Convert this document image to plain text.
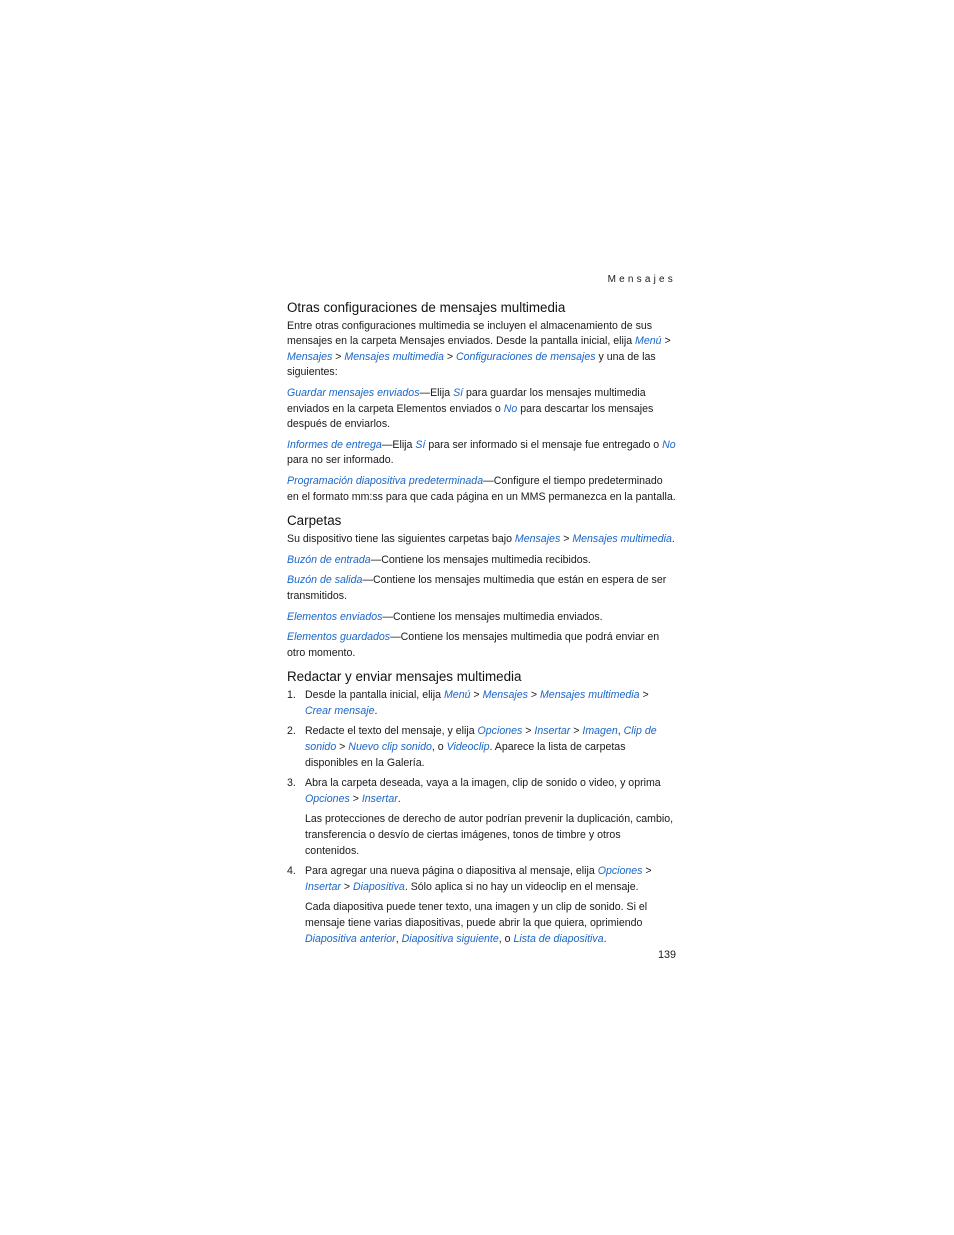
Mensajes
Otras configuraciones de mensajes multimedia

Entre otras configuraciones multimedia se incluyen el almacenamiento de sus mensajes en la carpeta Mensajes enviados. Desde la pantalla inicial, elija Menú > Mensajes > Mensajes multimedia > Configuraciones de mensajes y una de las siguientes:

Guardar mensajes enviados—Elija Sí para guardar los mensajes multimedia enviados en la carpeta Elementos enviados o No para descartar los mensajes después de enviarlos.

Informes de entrega—Elija Sí para ser informado si el mensaje fue entregado o No para no ser informado.

Programación diapositiva predeterminada—Configure el tiempo predeterminado en el formato mm:ss para que cada página en un MMS permanezca en la pantalla.

Carpetas

Su dispositivo tiene las siguientes carpetas bajo Mensajes > Mensajes multimedia.

Buzón de entrada—Contiene los mensajes multimedia recibidos.

Buzón de salida—Contiene los mensajes multimedia que están en espera de ser transmitidos.

Elementos enviados—Contiene los mensajes multimedia enviados.

Elementos guardados—Contiene los mensajes multimedia que podrá enviar en otro momento.

Redactar y enviar mensajes multimedia
1. Desde la pantalla inicial, elija Menú > Mensajes > Mensajes multimedia > Crear mensaje.
2. Redacte el texto del mensaje, y elija Opciones > Insertar > Imagen, Clip de sonido > Nuevo clip sonido, o Videoclip. Aparece la lista de carpetas disponibles en la Galería.
3. Abra la carpeta deseada, vaya a la imagen, clip de sonido o video, y oprima Opciones > Insertar.
Las protecciones de derecho de autor podrían prevenir la duplicación, cambio, transferencia o desvío de ciertas imágenes, tonos de timbre y otros contenidos.
4. Para agregar una nueva página o diapositiva al mensaje, elija Opciones > Insertar > Diapositiva. Sólo aplica si no hay un videoclip en el mensaje.
Cada diapositiva puede tener texto, una imagen y un clip de sonido. Si el mensaje tiene varias diapositivas, puede abrir la que quiera, oprimiendo Diapositiva anterior, Diapositiva siguiente, o Lista de diapositiva.
139
